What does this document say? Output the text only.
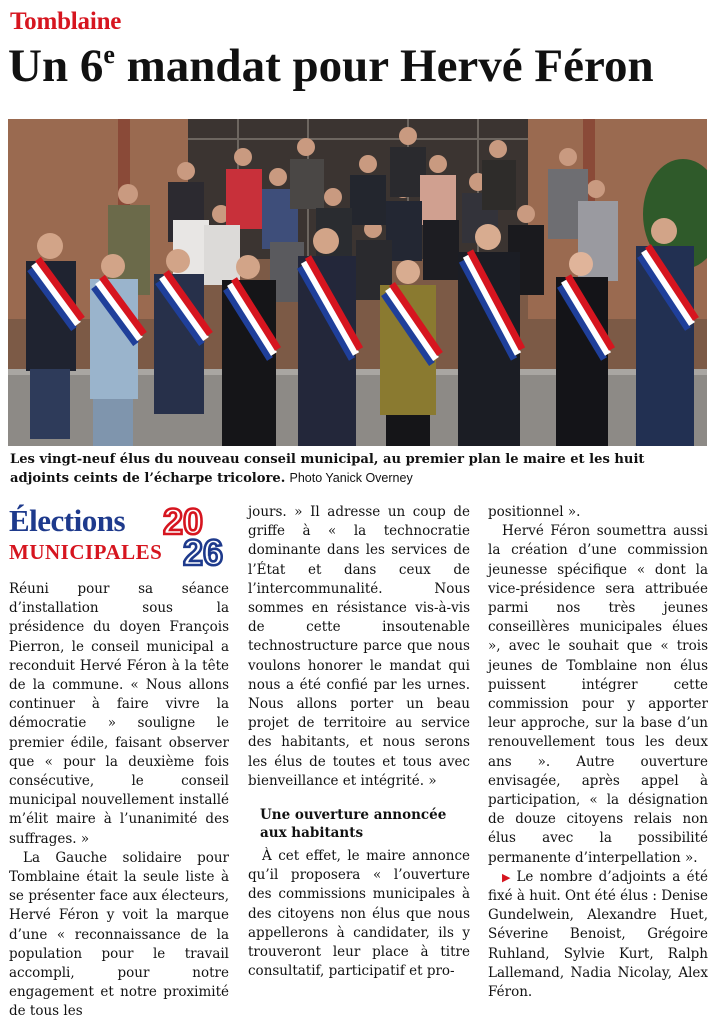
Tomblaine
Un 6e mandat pour Hervé Féron
Les vingt-neuf élus du nouveau conseil municipal, au premier plan le maire et les huit adjoints ceints de l’écharpe tricolore. Photo Yanick Overney
Élections
MUNICIPALES
20
26

Réuni pour sa séance d’installation sous la présidence du doyen François Pierron, le conseil municipal a reconduit Hervé Féron à la tête de la commune. « Nous allons continuer à faire vivre la démocratie » souligne le premier édile, faisant observer que « pour la deuxième fois consécutive, le conseil municipal nouvellement installé m’élit maire à l’unanimité des suffrages. »

La Gauche solidaire pour Tomblaine était la seule liste à se présenter face aux électeurs, Hervé Féron y voit la marque d’une « reconnaissance de la population pour le travail accompli, pour notre engagement et notre proximité de tous les

jours. » Il adresse un coup de griffe à « la technocratie dominante dans les services de l’État et dans ceux de l’intercommunalité. Nous sommes en résistance vis-à-vis de cette insoutenable technostructure parce que nous voulons honorer le mandat qui nous a été confié par les urnes. Nous allons porter un beau projet de territoire au service des habitants, et nous serons les élus de toutes et tous avec bienveillance et intégrité. »

Une ouverture annoncée aux habitants

À cet effet, le maire annonce qu’il proposera « l’ouverture des commissions municipales à des citoyens non élus que nous appellerons à candidater, ils y trouveront leur place à titre consultatif, participatif et pro-

positionnel ».

Hervé Féron soumettra aussi la création d’une commission jeunesse spécifique « dont la vice-présidence sera attribuée parmi nos très jeunes conseillères municipales élues », avec le souhait que « trois jeunes de Tomblaine non élus puissent intégrer cette commission pour y apporter leur approche, sur la base d’un renouvellement tous les deux ans ». Autre ouverture envisagée, après appel à participation, « la désignation de douze citoyens relais non élus avec la possibilité permanente d’interpellation ».

▶ Le nombre d’adjoints a été fixé à huit. Ont été élus : Denise Gundelwein, Alexandre Huet, Séverine Benoist, Grégoire Ruhland, Sylvie Kurt, Ralph Lallemand, Nadia Nicolay, Alex Féron.
